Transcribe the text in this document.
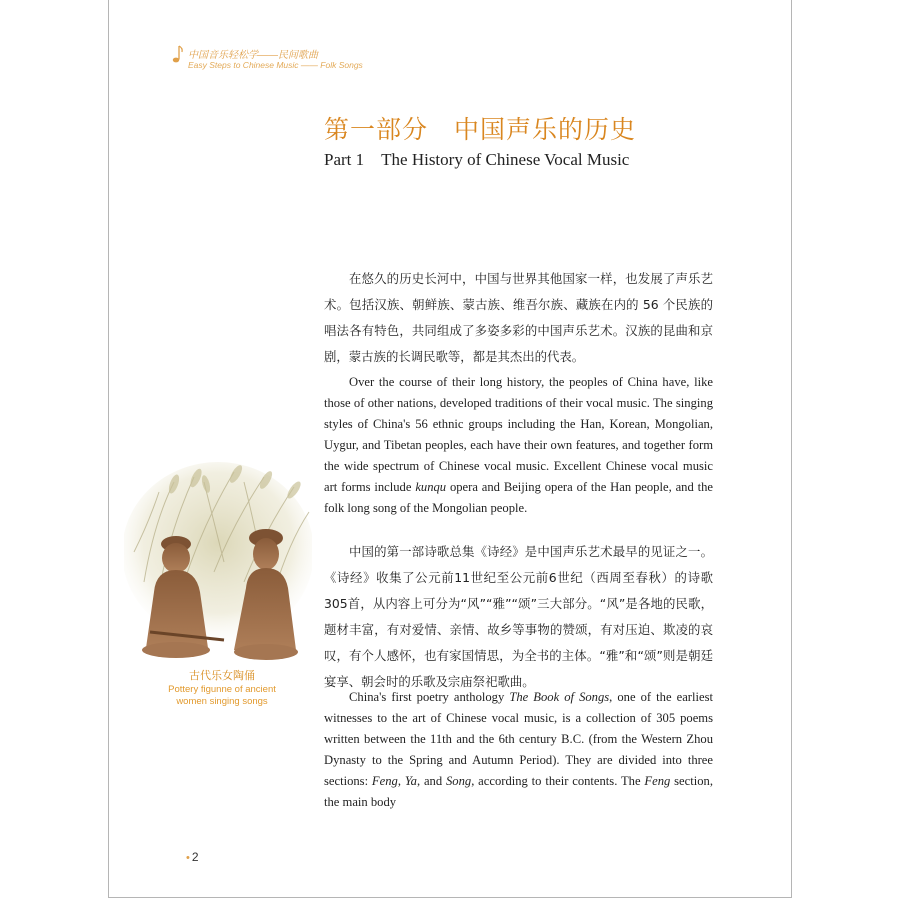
中国音乐轻松学——民间歌曲
Easy Steps to Chinese Music —— Folk Songs
第一部分　中国声乐的历史
Part 1　The History of Chinese Vocal Music

在悠久的历史长河中，中国与世界其他国家一样，也发展了声乐艺术。包括汉族、朝鲜族、蒙古族、维吾尔族、藏族在内的 56 个民族的唱法各有特色，共同组成了多姿多彩的中国声乐艺术。汉族的昆曲和京剧，蒙古族的长调民歌等，都是其杰出的代表。

Over the course of their long history, the peoples of China have, like those of other nations, developed traditions of their vocal music. The singing styles of China's 56 ethnic groups including the Han, Korean, Mongolian, Uygur, and Tibetan peoples, each have their own features, and together form the wide spectrum of Chinese vocal music. Excellent Chinese vocal music art forms include kunqu opera and Beijing opera of the Han people, and the folk long song of the Mongolian people.

中国的第一部诗歌总集《诗经》是中国声乐艺术最早的见证之一。《诗经》收集了公元前11世纪至公元前6世纪（西周至春秋）的诗歌305首，从内容上可分为“风”“雅”“颂”三大部分。“风”是各地的民歌，题材丰富，有对爱情、亲情、故乡等事物的赞颂，有对压迫、欺凌的哀叹，有个人感怀，也有家国情思，为全书的主体。“雅”和“颂”则是朝廷宴享、朝会时的乐歌及宗庙祭祀歌曲。

China's first poetry anthology The Book of Songs, one of the earliest witnesses to the art of Chinese vocal music, is a collection of 305 poems written between the 11th and the 6th century B.C. (from the Western Zhou Dynasty to the Spring and Autumn Period). They are divided into three sections: Feng, Ya, and Song, according to their contents. The Feng section, the main body

古代乐女陶俑
Pottery figunne of ancient
women singing songs
• 2
